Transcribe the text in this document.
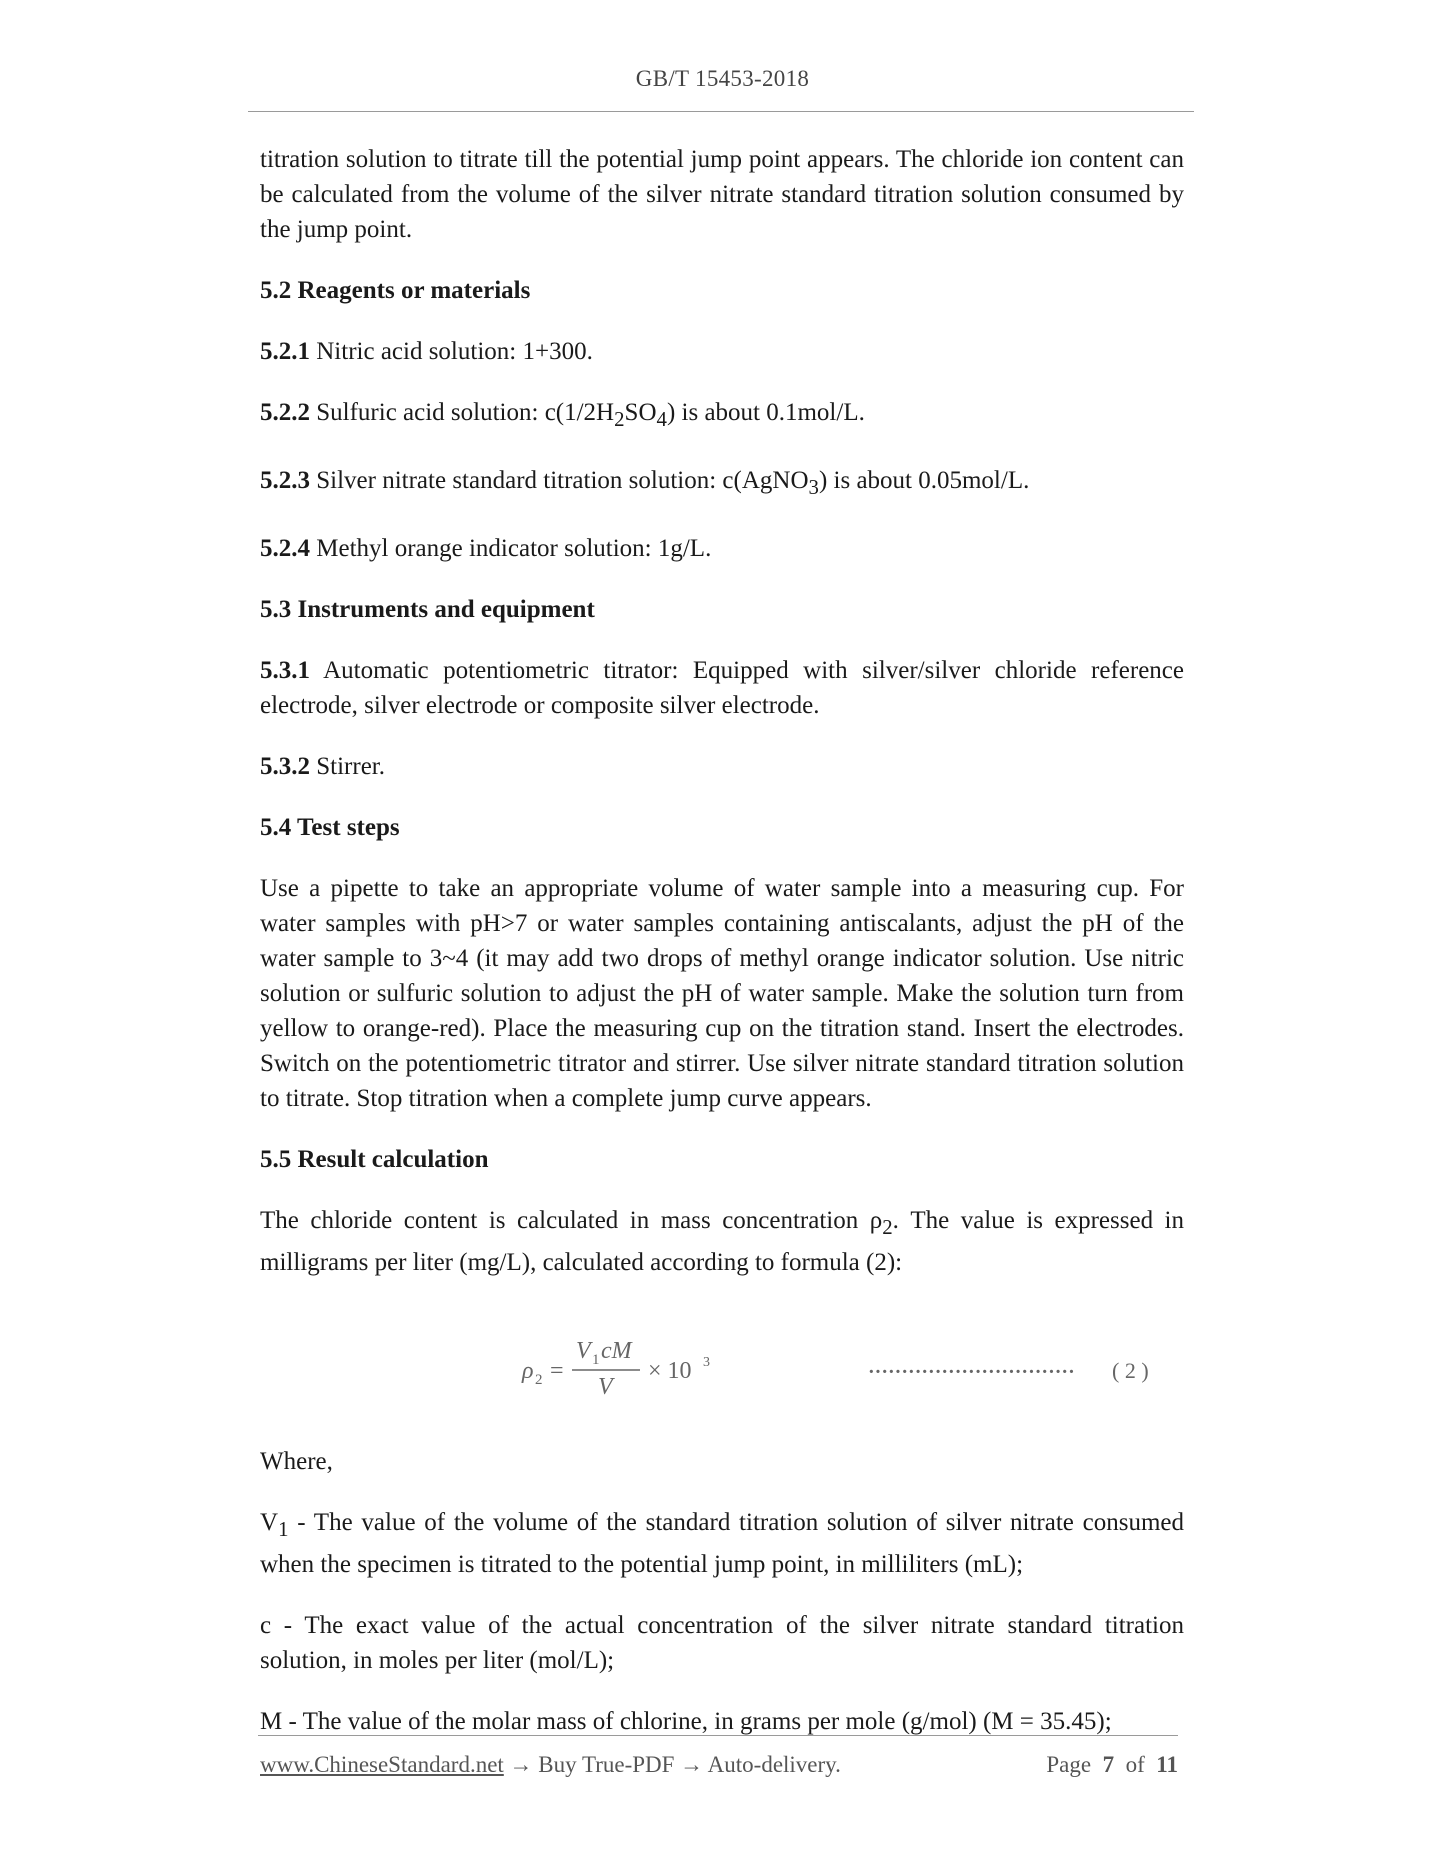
GB/T 15453-2018

titration solution to titrate till the potential jump point appears. The chloride ion content can be calculated from the volume of the silver nitrate standard titration solution consumed by the jump point.

5.2 Reagents or materials

5.2.1 Nitric acid solution: 1+300.

5.2.2 Sulfuric acid solution: $c(1/2H_2SO_4)$ is about 0.1mol/L.

5.2.3 Silver nitrate standard titration solution: c(AgNO$_3$) is about 0.05mol/L.

5.2.4 Methyl orange indicator solution: 1g/L.

5.3 Instruments and equipment

5.3.1 Automatic potentiometric titrator: Equipped with silver/silver chloride reference electrode, silver electrode or composite silver electrode.

5.3.2 Stirrer.

5.4 Test steps

Use a pipette to take an appropriate volume of water sample into a measuring cup. For water samples with pH>7 or water samples containing antiscalants, adjust the pH of the water sample to 3~4 (it may add two drops of methyl orange indicator solution. Use nitric solution or sulfuric solution to adjust the pH of water sample. Make the solution turn from yellow to orange-red). Place the measuring cup on the titration stand. Insert the electrodes. Switch on the potentiometric titrator and stirrer. Use silver nitrate standard titration solution to titrate. Stop titration when a complete jump curve appears.

5.5 Result calculation

The chloride content is calculated in mass concentration $\rho_2$. The value is expressed in milligrams per liter (mg/L), calculated according to formula (2):

ρ 2 =
V 1 cM
V
× 10 3	······························· ( 2 )

Where,

$V_1$ - The value of the volume of the standard titration solution of silver nitrate consumed when the specimen is titrated to the potential jump point, in milliliters (mL);

c - The exact value of the actual concentration of the silver nitrate standard titration solution, in moles per liter (mol/L);

M - The value of the molar mass of chlorine, in grams per mole (g/mol) (M = 35.45);

www.ChineseStandard.net → Buy True-PDF → Auto-delivery.	Page 7 of 11
